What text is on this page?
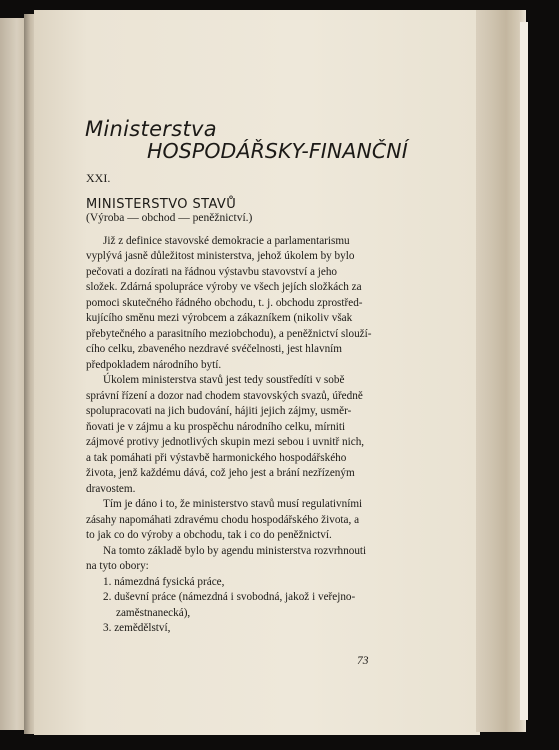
Ministerstva
HOSPODÁŘSKY-FINANČNÍ
XXI.
MINISTERSTVO STAVŮ
(Výroba — obchod — peněžnictví.)
Již z definice stavovské demokracie a parlamentarismu
vyplývá jasně důležitost ministerstva, jehož úkolem by bylo
pečovati a dozírati na řádnou výstavbu stavovství a jeho
složek. Zdárná spolupráce výroby ve všech jejích složkách za
pomoci skutečného řádného obchodu, t. j. obchodu zprostřed-
kujícího směnu mezi výrobcem a zákazníkem (nikoliv však
přebytečného a parasitního meziobchodu), a peněžnictví slouží-
cího celku, zbaveného nezdravé svéčelnosti, jest hlavním
předpokladem národního bytí.
Úkolem ministerstva stavů jest tedy soustředíti v sobě
správní řízení a dozor nad chodem stavovských svazů, úředně
spolupracovati na jich budování, hájiti jejich zájmy, usměr-
ňovati je v zájmu a ku prospěchu národního celku, mírniti
zájmové protivy jednotlivých skupin mezi sebou i uvnitř nich,
a tak pomáhati při výstavbě harmonického hospodářského
života, jenž každému dává, což jeho jest a brání nezřízeným
dravostem.
Tím je dáno i to, že ministerstvo stavů musí regulativními
zásahy napomáhati zdravému chodu hospodářského života, a
to jak co do výroby a obchodu, tak i co do peněžnictví.
Na tomto základě bylo by agendu ministerstva rozvrhnouti
na tyto obory:
1. námezdná fysická práce,
2. duševní práce (námezdná i svobodná, jakož i veřejno-
zaměstnanecká),
3. zemědělství,
73
